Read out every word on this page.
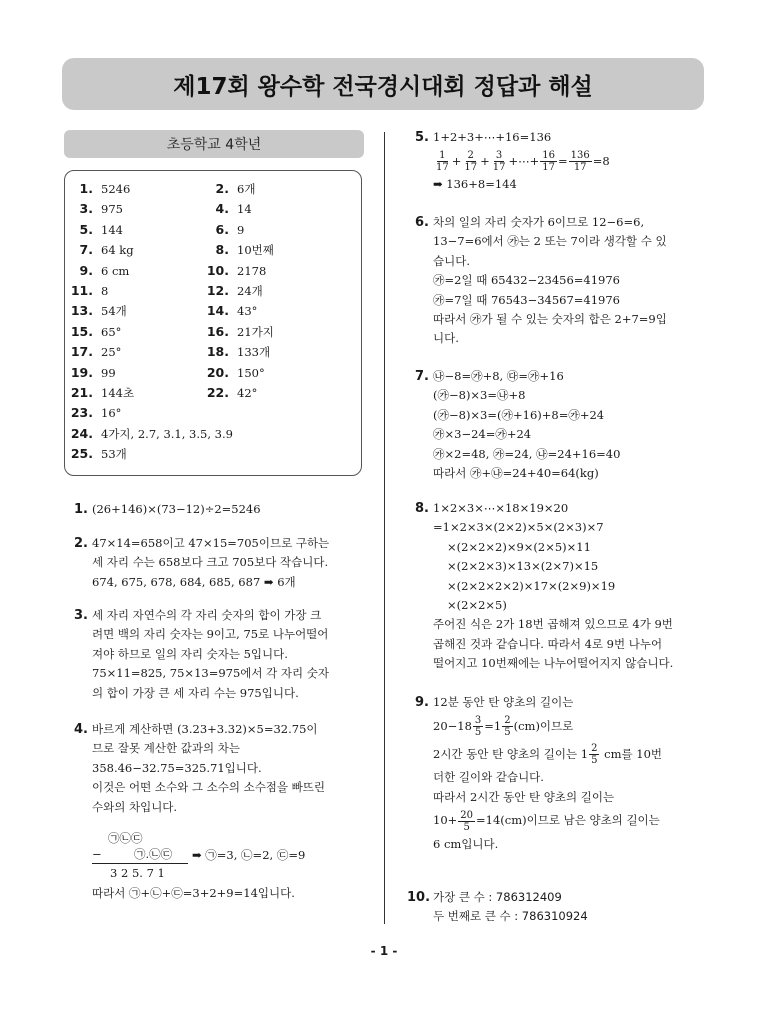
제17회 왕수학 전국경시대회 정답과 해설
초등학교 4학년
1. 5246	2. 6개
3. 975	4. 14
5. 144	6. 9
7. 64 kg	8. 10번째
9. 6 cm	10. 2178
11. 8	12. 24개
13. 54개	14. 43°
15. 65°	16. 21가지
17. 25°	18. 133개
19. 99	20. 150°
21. 144초	22. 42°
23. 16°
24. 4가지, 2.7, 3.1, 3.5, 3.9
25. 53개
1. (26+146)×(73−12)÷2=5246
2. 47×14=658이고 47×15=705이므로 구하는
세 자리 수는 658보다 크고 705보다 작습니다.
674, 675, 678, 684, 685, 687 ➡ 6개
3. 세 자리 자연수의 각 자리 숫자의 합이 가장 크
려면 백의 자리 숫자는 9이고, 75로 나누어떨어
져야 하므로 일의 자리 숫자는 5입니다.
75×11=825, 75×13=975에서 각 자리 숫자
의 합이 가장 큰 세 자리 수는 975입니다.
4. 바르게 계산하면 (3.23+3.32)×5=32.75이
므로 잘못 계산한 값과의 차는
358.46−32.75=325.71입니다.
이것은 어떤 소수와 그 소수의 소수점을 빠뜨린
수와의 차입니다.
㉠㉡㉢
−	㉠.㉡㉢
3 2 5. 7 1
➡ ㉠=3, ㉡=2, ㉢=9
따라서 ㉠+㉡+㉢=3+2+9=14입니다.
5. 1+2+3+⋯+16=136
$\frac{1}{17} + \frac{2}{17} + \frac{3}{17}$ +⋯+ $\frac{16}{17} = \frac{136}{17} =8$
➡ 136+8=144
6. 차의 일의 자리 숫자가 6이므로 12−6=6,
13−7=6에서 ㉮는 2 또는 7이라 생각할 수 있
습니다.
㉮=2일 때 65432−23456=41976
㉮=7일 때 76543−34567=41976
따라서 ㉮가 될 수 있는 숫자의 합은 2+7=9입
니다.
7. ㉯−8=㉮+8, ㉰=㉮+16
(㉮−8)×3=㉯+8
(㉮−8)×3=(㉮+16)+8=㉮+24
㉮×3−24=㉮+24
㉮×2=48, ㉮=24, ㉯=24+16=40
따라서 ㉮+㉯=24+40=64(kg)
8. 1×2×3×⋯×18×19×20
=1×2×3×(2×2)×5×(2×3)×7
×(2×2×2)×9×(2×5)×11
×(2×2×3)×13×(2×7)×15
×(2×2×2×2)×17×(2×9)×19
×(2×2×5)
주어진 식은 2가 18번 곱해져 있으므로 4가 9번
곱해진 것과 같습니다. 따라서 4로 9번 나누어
떨어지고 10번째에는 나누어떨어지지 않습니다.
9. 12분 동안 탄 양초의 길이는
$20-18 \frac{3}{5} =1 \frac{2}{5} (cm)$이므로
2시간 동안 탄 양초의 길이는 $1 \frac{2}{5}$ cm를 10번
더한 길이와 같습니다.
따라서 2시간 동안 탄 양초의 길이는
$10+ \frac{20}{5} =14(cm)$이므로 남은 양초의 길이는
6 cm입니다.
10. 가장 큰 수 : 786312409
두 번째로 큰 수 : 786310924
- 1 -
